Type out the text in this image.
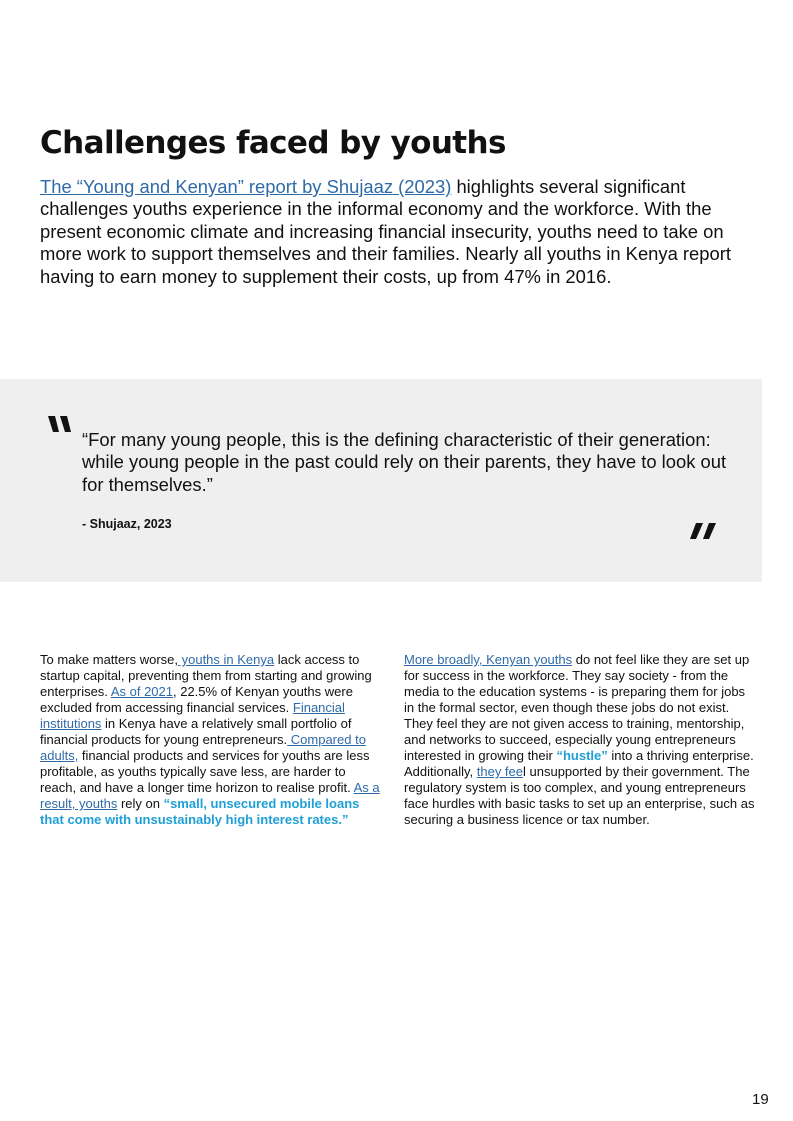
Challenges faced by youths

The “Young and Kenyan” report by Shujaaz (2023) highlights several significant challenges youths experience in the informal economy and the workforce. With the present economic climate and increasing financial insecurity, youths need to take on more work to support themselves and their families. Nearly all youths in Kenya report having to earn money to supplement their costs, up from 47% in 2016.

“For many young people, this is the defining characteristic of their generation: while young people in the past could rely on their parents, they have to look out for themselves.”

- Shujaaz, 2023

To make matters worse, youths in Kenya lack access to startup capital, preventing them from starting and growing enterprises. As of 2021, 22.5% of Kenyan youths were excluded from accessing financial services. Financial institutions in Kenya have a relatively small portfolio of financial products for young entrepreneurs. Compared to adults, financial products and services for youths are less profitable, as youths typically save less, are harder to reach, and have a longer time horizon to realise profit. As a result, youths rely on “small, unsecured mobile loans that come with unsustainably high interest rates.”

More broadly, Kenyan youths do not feel like they are set up for success in the workforce. They say society - from the media to the education systems - is preparing them for jobs in the formal sector, even though these jobs do not exist. They feel they are not given access to training, mentorship, and networks to succeed, especially young entrepreneurs interested in growing their “hustle” into a thriving enterprise. Additionally, they feel unsupported by their government. The regulatory system is too complex, and young entrepreneurs face hurdles with basic tasks to set up an enterprise, such as securing a business licence or tax number.

19
